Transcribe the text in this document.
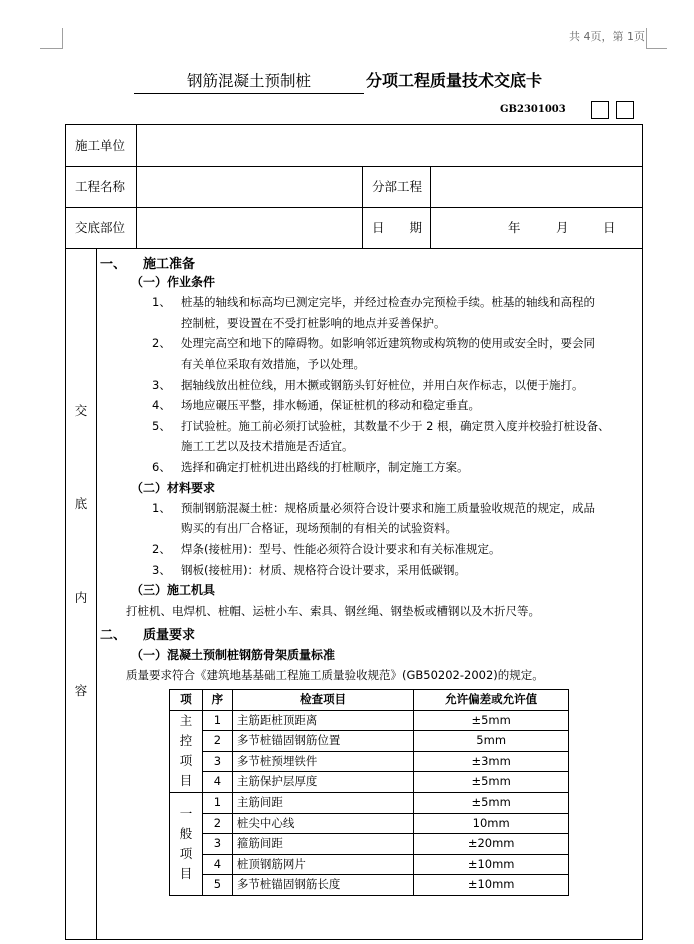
共 4页，第 1页
钢筋混凝土预制桩	分项工程质量技术交底卡
GB2301003
施工单位
工程名称	分部工程
交底部位	日　　期	年	月	日
交
底
内
容
一、 施工准备
（一）作业条件
1、 桩基的轴线和标高均已测定完毕，并经过检查办完预检手续。桩基的轴线和高程的
控制桩，要设置在不受打桩影响的地点并妥善保护。
2、 处理完高空和地下的障碍物。如影响邻近建筑物或构筑物的使用或安全时，要会同
有关单位采取有效措施，予以处理。
3、 据轴线放出桩位线，用木撅或钢筋头钉好桩位，并用白灰作标志，以便于施打。
4、 场地应碾压平整，排水畅通，保证桩机的移动和稳定垂直。
5、 打试验桩。施工前必须打试验桩，其数量不少于 2 根，确定贯入度并校验打桩设备、
施工工艺以及技术措施是否适宜。
6、 选择和确定打桩机进出路线的打桩顺序，制定施工方案。
（二）材料要求
1、 预制钢筋混凝土桩：规格质量必须符合设计要求和施工质量验收规范的规定，成品
购买的有出厂合格证，现场预制的有相关的试验资料。
2、 焊条(接桩用)：型号、性能必须符合设计要求和有关标准规定。
3、 钢板(接桩用)：材质、规格符合设计要求，采用低碳钢。
（三）施工机具
打桩机、电焊机、桩帽、运桩小车、索具、钢丝绳、钢垫板或槽钢以及木折尺等。
二、 质量要求
（一）混凝土预制桩钢筋骨架质量标准
质量要求符合《建筑地基基础工程施工质量验收规范》(GB50202-2002)的规定。
项	序	检查项目	允许偏差或允许值
主
控
项
目	1	主筋距桩顶距离	±5mm
	2	多节桩锚固钢筋位置	5mm
	3	多节桩预埋铁件	±3mm
	4	主筋保护层厚度	±5mm
一
般
项
目	1	主筋间距	±5mm
	2	桩尖中心线	10mm
	3	箍筋间距	±20mm
	4	桩顶钢筋网片	±10mm
	5	多节桩锚固钢筋长度	±10mm
